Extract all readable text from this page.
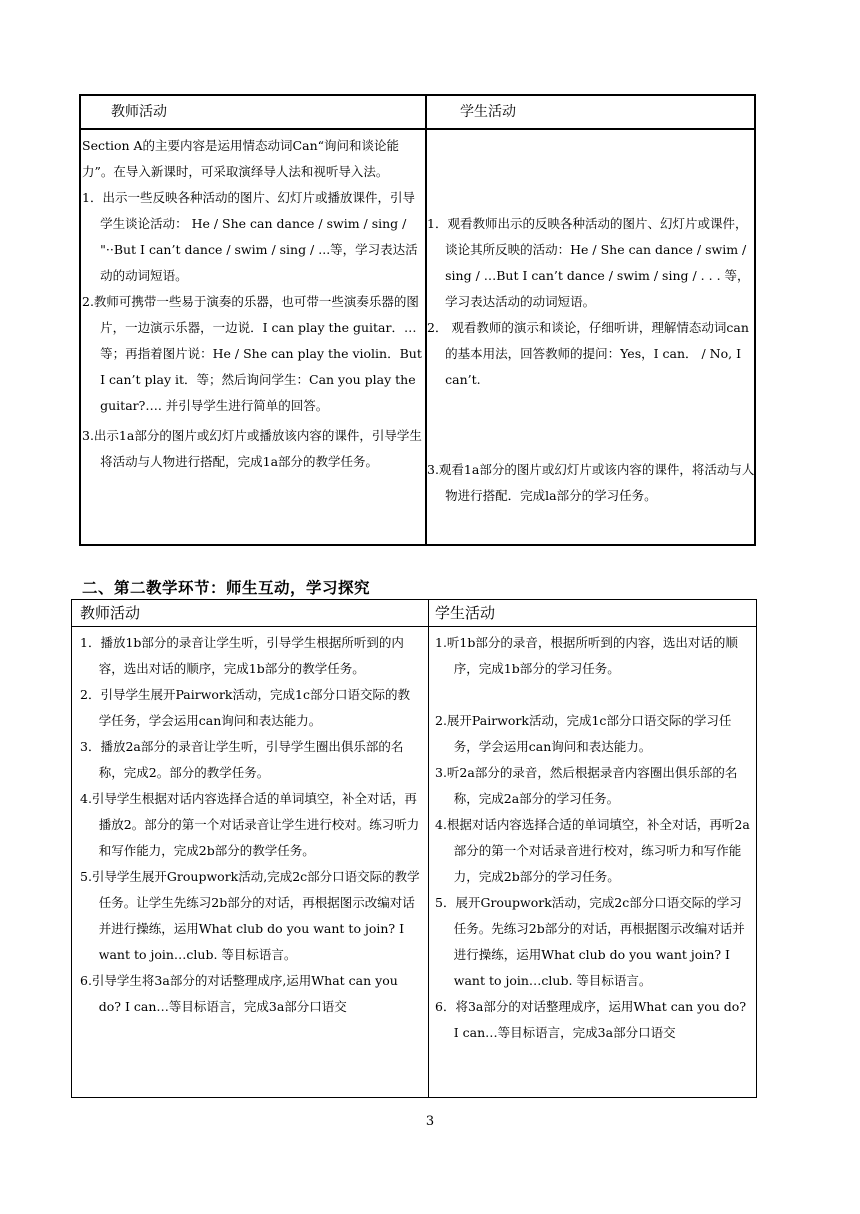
教师活动	学生活动

Section A的主要内容是运用情态动词Can“询问和谈论能力”。在导入新课时，可采取演绎导人法和视听导入法。

1．出示一些反映各种活动的图片、幻灯片或播放课件，引导学生谈论活动： He / She can dance / swim / sing / "··But I can’t dance / swim / sing / ...等，学习表达活动的动词短语。

2.教师可携带一些易于演奏的乐器，也可带一些演奏乐器的图片，一边演示乐器，一边说．I can play the guitar．…等；再指着图片说：He / She can play the violin．But I can’t play it．等；然后询问学生：Can you play the guitar?…. 并引导学生进行简单的回答。

3.出示1a部分的图片或幻灯片或播放该内容的课件，引导学生将活动与人物进行搭配，完成1a部分的教学任务。

1．观看教师出示的反映各种活动的图片、幻灯片或课件，谈论其所反映的活动：He / She can dance / swim / sing / …But I can’t dance / swim / sing / . . . 等，学习表达活动的动词短语。

2． 观看教师的演示和谈论，仔细听讲，理解情态动词can的基本用法，回答教师的提问：Yes，I can． / No, I can’t.

3.观看1a部分的图片或幻灯片或该内容的课件，将活动与人物进行搭配．完成la部分的学习任务。

二、第二教学环节：师生互动，学习探究
教师活动	学生活动

1．播放1b部分的录音让学生听，引导学生根据所听到的内容，选出对话的顺序，完成1b部分的教学任务。

2．引导学生展开Pairwork活动，完成1c部分口语交际的教学任务，学会运用can询问和表达能力。

3．播放2a部分的录音让学生听，引导学生圈出俱乐部的名称，完成2。部分的教学任务。

4.引导学生根据对话内容选择合适的单词填空，补全对话，再播放2。部分的第一个对话录音让学生进行校对。练习听力和写作能力，完成2b部分的教学任务。

5.引导学生展开Groupwork活动,完成2c部分口语交际的教学任务。让学生先练习2b部分的对话，再根据图示改编对话并进行操练，运用What club do you want to join? I want to join…club. 等目标语言。

6.引导学生将3a部分的对话整理成序,运用What can you do? I can…等目标语言，完成3a部分口语交

1.听1b部分的录音，根据所听到的内容，选出对话的顺序，完成1b部分的学习任务。

2.展开Pairwork活动，完成1c部分口语交际的学习任务，学会运用can询问和表达能力。

3.听2a部分的录音，然后根据录音内容圈出俱乐部的名称，完成2a部分的学习任务。

4.根据对话内容选择合适的单词填空，补全对话，再听2a部分的第一个对话录音进行校对，练习听力和写作能力，完成2b部分的学习任务。

5．展开Groupwork活动，完成2c部分口语交际的学习任务。先练习2b部分的对话，再根据图示改编对话并进行操练，运用What club do you want join? I want to join…club. 等目标语言。

6．将3a部分的对话整理成序，运用What can you do? I can…等目标语言，完成3a部分口语交

3
